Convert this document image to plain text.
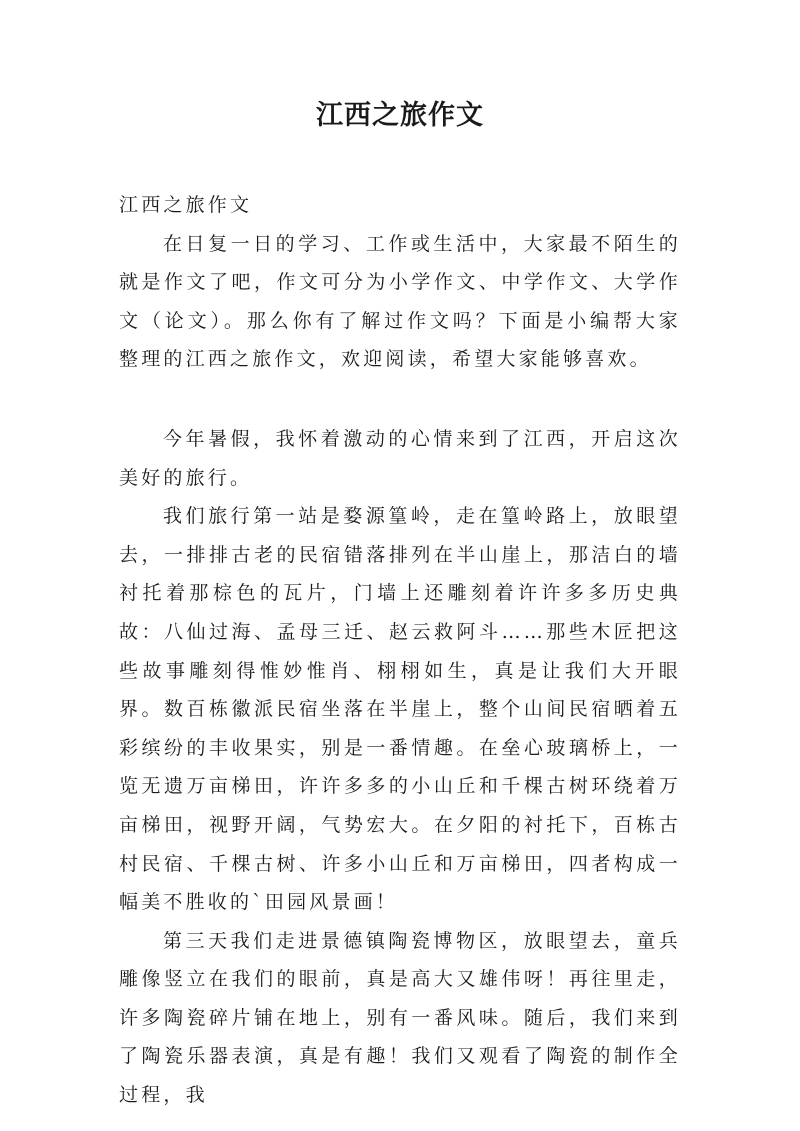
江西之旅作文

江西之旅作文

在日复一日的学习、工作或生活中，大家最不陌生的就是作文了吧，作文可分为小学作文、中学作文、大学作文（论文）。那么你有了解过作文吗？下面是小编帮大家整理的江西之旅作文，欢迎阅读，希望大家能够喜欢。

今年暑假，我怀着激动的心情来到了江西，开启这次美好的旅行。

我们旅行第一站是婺源篁岭，走在篁岭路上，放眼望去，一排排古老的民宿错落排列在半山崖上，那洁白的墙衬托着那棕色的瓦片，门墙上还雕刻着许许多多历史典故：八仙过海、孟母三迁、赵云救阿斗……那些木匠把这些故事雕刻得惟妙惟肖、栩栩如生，真是让我们大开眼界。数百栋徽派民宿坐落在半崖上，整个山间民宿晒着五彩缤纷的丰收果实，别是一番情趣。在垒心玻璃桥上，一览无遗万亩梯田，许许多多的小山丘和千棵古树环绕着万亩梯田，视野开阔，气势宏大。在夕阳的衬托下，百栋古村民宿、千棵古树、许多小山丘和万亩梯田，四者构成一幅美不胜收的`田园风景画！

第三天我们走进景德镇陶瓷博物区，放眼望去，童兵雕像竖立在我们的眼前，真是高大又雄伟呀！再往里走，许多陶瓷碎片铺在地上，别有一番风味。随后，我们来到了陶瓷乐器表演，真是有趣！我们又观看了陶瓷的制作全过程，我
